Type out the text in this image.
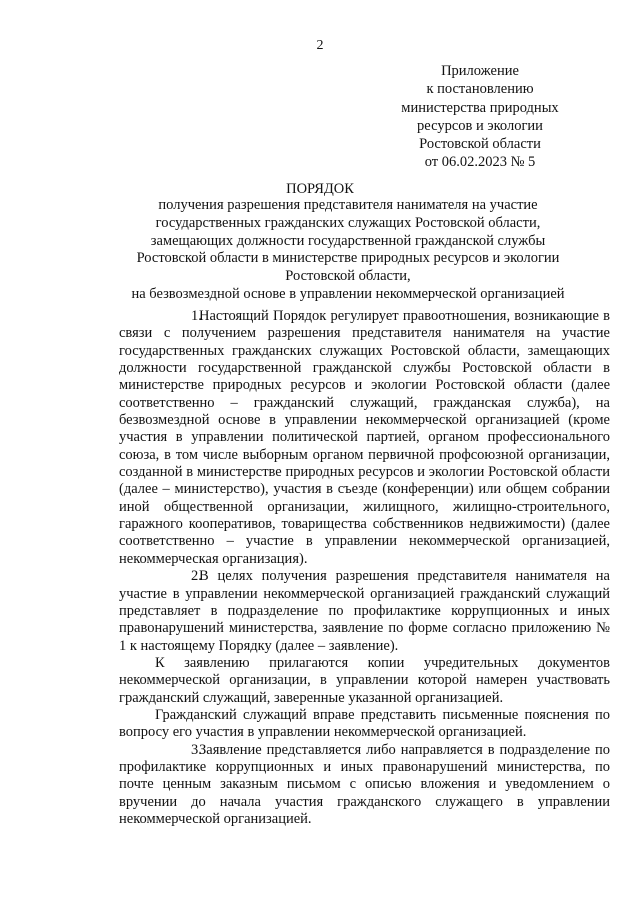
2
Приложение
к постановлению
министерства природных
ресурсов и экологии
Ростовской области
от 06.02.2023 № 5
ПОРЯДОК
получения разрешения представителя нанимателя на участие
государственных гражданских служащих Ростовской области,
замещающих должности государственной гражданской службы
Ростовской области в министерстве природных ресурсов и экологии
Ростовской области,
на безвозмездной основе в управлении некоммерческой организацией

1.Настоящий Порядок регулирует правоотношения, возникающие в связи с получением разрешения представителя нанимателя на участие государственных гражданских служащих Ростовской области, замещающих должности государственной гражданской службы Ростовской области в министерстве природных ресурсов и экологии Ростовской области (далее соответственно – гражданский служащий, гражданская служба), на безвозмездной основе в управлении некоммерческой организацией (кроме участия в управлении политической партией, органом профессионального союза, в том числе выборным органом первичной профсоюзной организации, созданной в министерстве природных ресурсов и экологии Ростовской области (далее – министерство), участия в съезде (конференции) или общем собрании иной общественной организации, жилищного, жилищно-строительного, гаражного кооперативов, товарищества собственников недвижимости) (далее соответственно – участие в управлении некоммерческой организацией, некоммерческая организация).

2.В целях получения разрешения представителя нанимателя на участие в управлении некоммерческой организацией гражданский служащий представляет в подразделение по профилактике коррупционных и иных правонарушений министерства, заявление по форме согласно приложению № 1 к настоящему Порядку (далее – заявление).

К заявлению прилагаются копии учредительных документов некоммерческой организации, в управлении которой намерен участвовать гражданский служащий, заверенные указанной организацией.

Гражданский служащий вправе представить письменные пояснения по вопросу его участия в управлении некоммерческой организацией.

3.Заявление представляется либо направляется в подразделение по профилактике коррупционных и иных правонарушений министерства, по почте ценным заказным письмом с описью вложения и уведомлением о вручении до начала участия гражданского служащего в управлении некоммерческой организацией.
